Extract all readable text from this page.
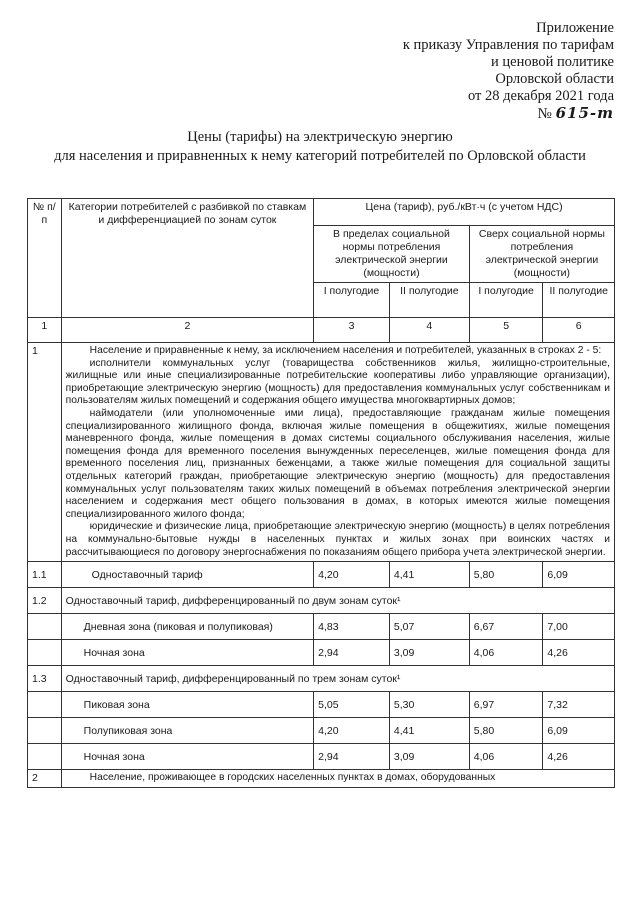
Приложение
к приказу Управления по тарифам
и ценовой политике
Орловской области
от 28 декабря 2021 года
№ 615-т
Цены (тарифы) на электрическую энергию
для населения и приравненных к нему категорий потребителей по Орловской области
№ п/п	Категории потребителей с разбивкой по ставкам и дифференциацией по зонам суток	Цена (тариф), руб./кВт·ч (с учетом НДС)			
		В пределах социальной нормы потребления электрической энергии (мощности)		Сверх социальной нормы потребления электрической энергии (мощности)	
		I полугодие	II полугодие	I полугодие	II полугодие
1	2	3	4	5	6
1	Население и приравненные к нему, за исключением населения и потребителей, указанных в строках 2 - 5:

исполнители коммунальных услуг (товарищества собственников жилья, жилищно-строительные, жилищные или иные специализированные потребительские кооперативы либо управляющие организации), приобретающие электрическую энергию (мощность) для предоставления коммунальных услуг собственникам и пользователям жилых помещений и содержания общего имущества многоквартирных домов;

наймодатели (или уполномоченные ими лица), предоставляющие гражданам жилые помещения специализированного жилищного фонда, включая жилые помещения в общежитиях, жилые помещения маневренного фонда, жилые помещения в домах системы социального обслуживания населения, жилые помещения фонда для временного поселения вынужденных переселенцев, жилые помещения фонда для временного поселения лиц, признанных беженцами, а также жилые помещения для социальной защиты отдельных категорий граждан, приобретающие электрическую энергию (мощность) для предоставления коммунальных услуг пользователям таких жилых помещений в объемах потребления электрической энергии населением и содержания мест общего пользования в домах, в которых имеются жилые помещения специализированного жилого фонда;

юридические и физические лица, приобретающие электрическую энергию (мощность) в целях потребления на коммунально-бытовые нужды в населенных пунктах и жилых зонах при воинских частях и рассчитывающиеся по договору энергоснабжения по показаниям общего прибора учета электрической энергии.				

1.1	Одноставочный тариф	4,20	4,41	5,80	6,09
1.2	Одноставочный тариф, дифференцированный по двум зонам суток¹				
	Дневная зона (пиковая и полупиковая)	4,83	5,07	6,67	7,00
	Ночная зона	2,94	3,09	4,06	4,26
1.3	Одноставочный тариф, дифференцированный по трем зонам суток¹				
	Пиковая зона	5,05	5,30	6,97	7,32
	Полупиковая зона	4,20	4,41	5,80	6,09
	Ночная зона	2,94	3,09	4,06	4,26
2	Население, проживающее в городских населенных пунктах в домах, оборудованных				
